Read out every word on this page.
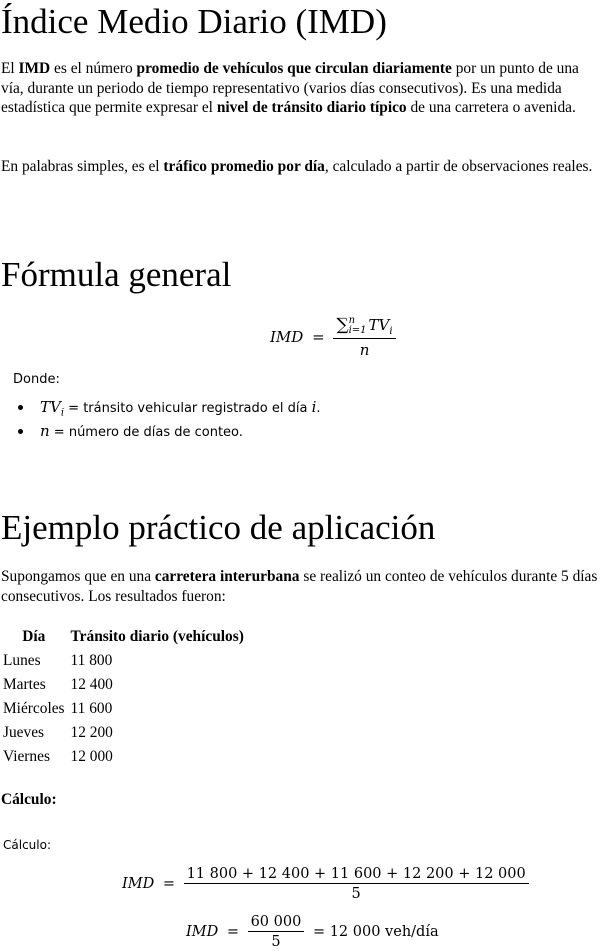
Índice Medio Diario (IMD)

El IMD es el número promedio de vehículos que circulan diariamente por un punto de una vía, durante un periodo de tiempo representativo (varios días consecutivos). Es una medida estadística que permite expresar el nivel de tránsito diario típico de una carretera o avenida.

En palabras simples, es el tráfico promedio por día, calculado a partir de observaciones reales.

Fórmula general
IMD = ∑ n
i=1 $TV_i$
n
Donde:
$TV_i$ = tránsito vehicular registrado el día i.
n = número de días de conteo.
Ejemplo práctico de aplicación

Supongamos que en una carretera interurbana se realizó un conteo de vehículos durante 5 días consecutivos. Los resultados fueron:

Día	Tránsito diario (vehículos)
Lunes	11 800
Martes	12 400
Miércoles	11 600
Jueves	12 200
Viernes	12 000
Cálculo:
Cálculo:
IMD = $\frac{11 800 + 12 400 + 11 600 + 12 200 + 12 000}{5}$
IMD = $\frac{60 000}{5} = 12$ 000 veh/día
